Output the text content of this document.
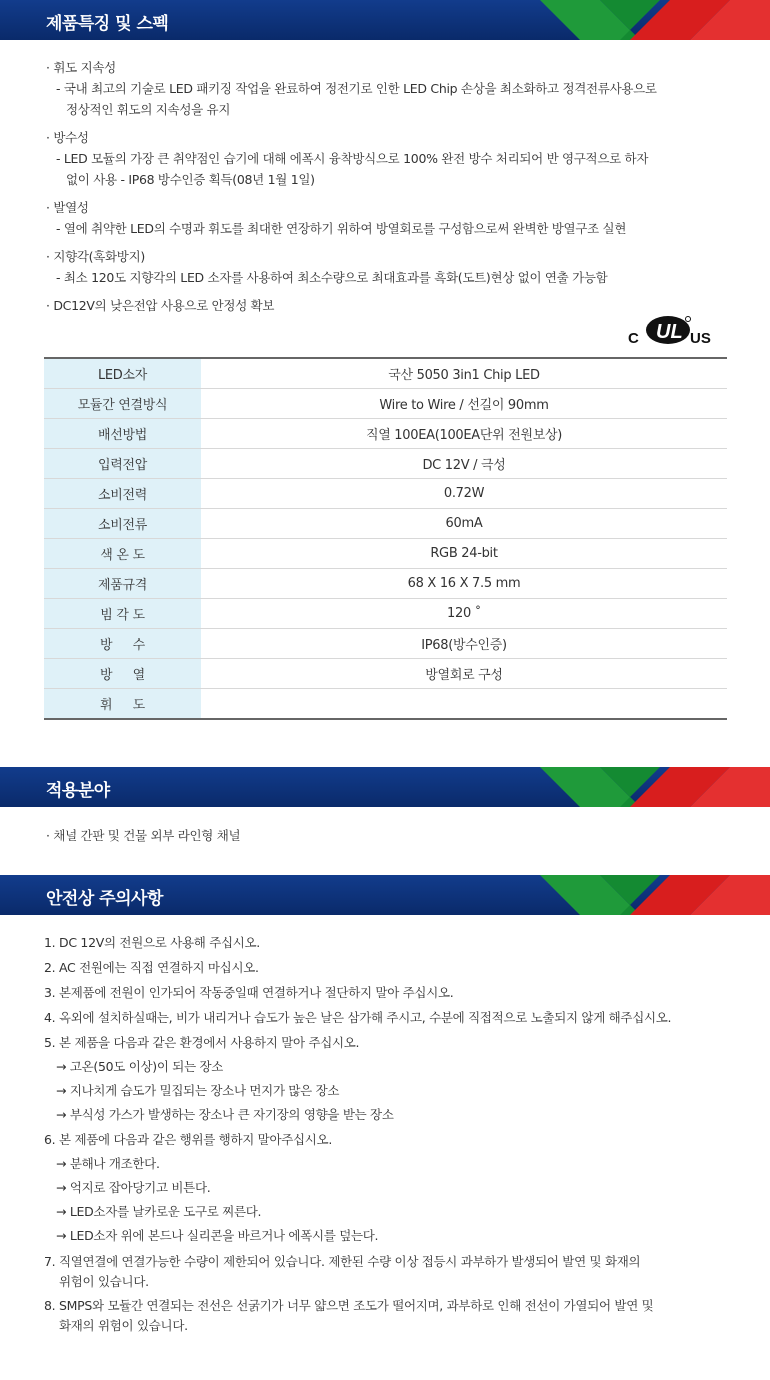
제품특징 및 스펙

· 휘도 지속성

- 국내 최고의 기술로 LED 패키징 작업을 완료하여 정전기로 인한 LED Chip 손상을 최소화하고 정격전류사용으로

정상적인 휘도의 지속성을 유지

· 방수성

- LED 모듈의 가장 큰 취약점인 습기에 대해 에폭시 융착방식으로 100% 완전 방수 처리되어 반 영구적으로 하자

없이 사용 - IP68 방수인증 획득(08년 1월 1일)

· 발열성

- 열에 취약한 LED의 수명과 휘도를 최대한 연장하기 위하여 방열회로를 구성함으로써 완벽한 방열구조 실현

· 지향각(혹화방지)

- 최소 120도 지향각의 LED 소자를 사용하여 최소수량으로 최대효과를 흑화(도트)현상 없이 연출 가능함

· DC12V의 낮은전압 사용으로 안정성 확보

C UL US
LED소자	국산 5050 3in1 Chip LED
모듈간 연결방식	Wire to Wire / 선길이 90mm
배선방법	직열 100EA(100EA단위 전원보상)
입력전압	DC 12V / 극성
소비전력	0.72W
소비전류	60mA
색 온 도	RGB 24-bit
제품규격	68 X 16 X 7.5 mm
빔 각 도	120 ˚
방 　 수	IP68(방수인증)
방 　 열	방열회로 구성
휘 　 도	
적용분야
· 채널 간판 및 건물 외부 라인형 채널
안전상 주의사항
1. DC 12V의 전원으로 사용해 주십시오.
2. AC 전원에는 직접 연결하지 마십시오.
3. 본제품에 전원이 인가되어 작동중일때 연결하거나 절단하지 말아 주십시오.
4. 옥외에 설치하실때는, 비가 내리거나 습도가 높은 날은 삼가해 주시고, 수분에 직접적으로 노출되지 않게 해주십시오.
5. 본 제품을 다음과 같은 환경에서 사용하지 말아 주십시오.
→ 고온(50도 이상)이 되는 장소
→ 지나치게 습도가 밀집되는 장소나 먼지가 많은 장소
→ 부식성 가스가 발생하는 장소나 큰 자기장의 영향을 받는 장소
6. 본 제품에 다음과 같은 행위를 행하지 말아주십시오.
→ 분해나 개조한다.
→ 억지로 잡아당기고 비튼다.
→ LED소자를 날카로운 도구로 찌른다.
→ LED소자 위에 본드나 실리콘을 바르거나 에폭시를 덮는다.
7. 직열연결에 연결가능한 수량이 제한되어 있습니다. 제한된 수량 이상 접등시 과부하가 발생되어 발연 및 화재의
위험이 있습니다.
8. SMPS와 모듈간 연결되는 전선은 선굵기가 너무 얇으면 조도가 떨어지며, 과부하로 인해 전선이 가열되어 발연 및
화재의 위험이 있습니다.
